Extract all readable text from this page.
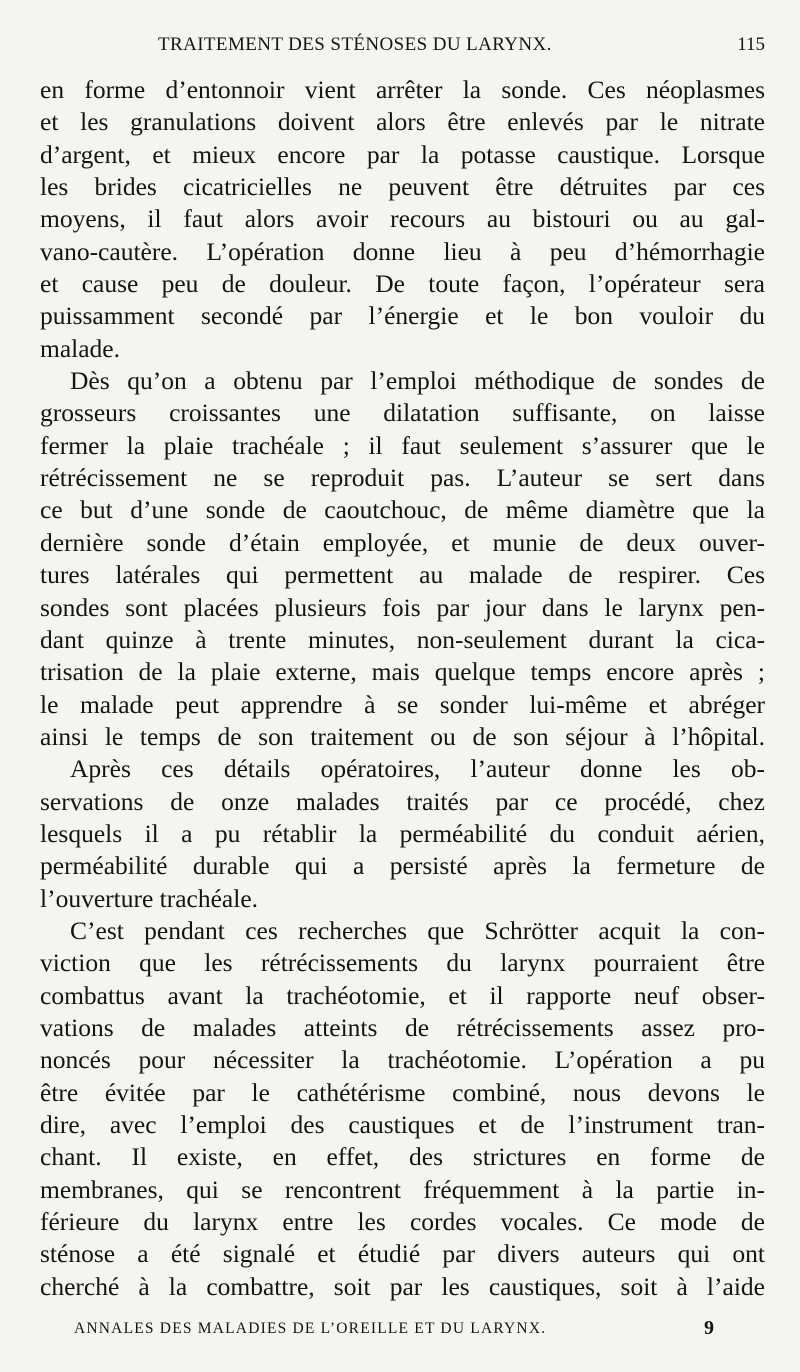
TRAITEMENT DES STÉNOSES DU LARYNX.	115
en forme d’entonnoir vient arrêter la sonde. Ces néoplasmes
et les granulations doivent alors être enlevés par le nitrate
d’argent, et mieux encore par la potasse caustique. Lorsque
les brides cicatricielles ne peuvent être détruites par ces
moyens, il faut alors avoir recours au bistouri ou au gal-
vano-cautère. L’opération donne lieu à peu d’hémorrhagie
et cause peu de douleur. De toute façon, l’opérateur sera
puissamment secondé par l’énergie et le bon vouloir du
malade.
Dès qu’on a obtenu par l’emploi méthodique de sondes de
grosseurs croissantes une dilatation suffisante, on laisse
fermer la plaie trachéale ; il faut seulement s’assurer que le
rétrécissement ne se reproduit pas. L’auteur se sert dans
ce but d’une sonde de caoutchouc, de même diamètre que la
dernière sonde d’étain employée, et munie de deux ouver-
tures latérales qui permettent au malade de respirer. Ces
sondes sont placées plusieurs fois par jour dans le larynx pen-
dant quinze à trente minutes, non-seulement durant la cica-
trisation de la plaie externe, mais quelque temps encore après ;
le malade peut apprendre à se sonder lui-même et abréger
ainsi le temps de son traitement ou de son séjour à l’hôpital.
Après ces détails opératoires, l’auteur donne les ob-
servations de onze malades traités par ce procédé, chez
lesquels il a pu rétablir la perméabilité du conduit aérien,
perméabilité durable qui a persisté après la fermeture de
l’ouverture trachéale.
C’est pendant ces recherches que Schrötter acquit la con-
viction que les rétrécissements du larynx pourraient être
combattus avant la trachéotomie, et il rapporte neuf obser-
vations de malades atteints de rétrécissements assez pro-
noncés pour nécessiter la trachéotomie. L’opération a pu
être évitée par le cathétérisme combiné, nous devons le
dire, avec l’emploi des caustiques et de l’instrument tran-
chant. Il existe, en effet, des strictures en forme de
membranes, qui se rencontrent fréquemment à la partie in-
férieure du larynx entre les cordes vocales. Ce mode de
sténose a été signalé et étudié par divers auteurs qui ont
cherché à la combattre, soit par les caustiques, soit à l’aide
ANNALES DES MALADIES DE L’OREILLE ET DU LARYNX.	9
